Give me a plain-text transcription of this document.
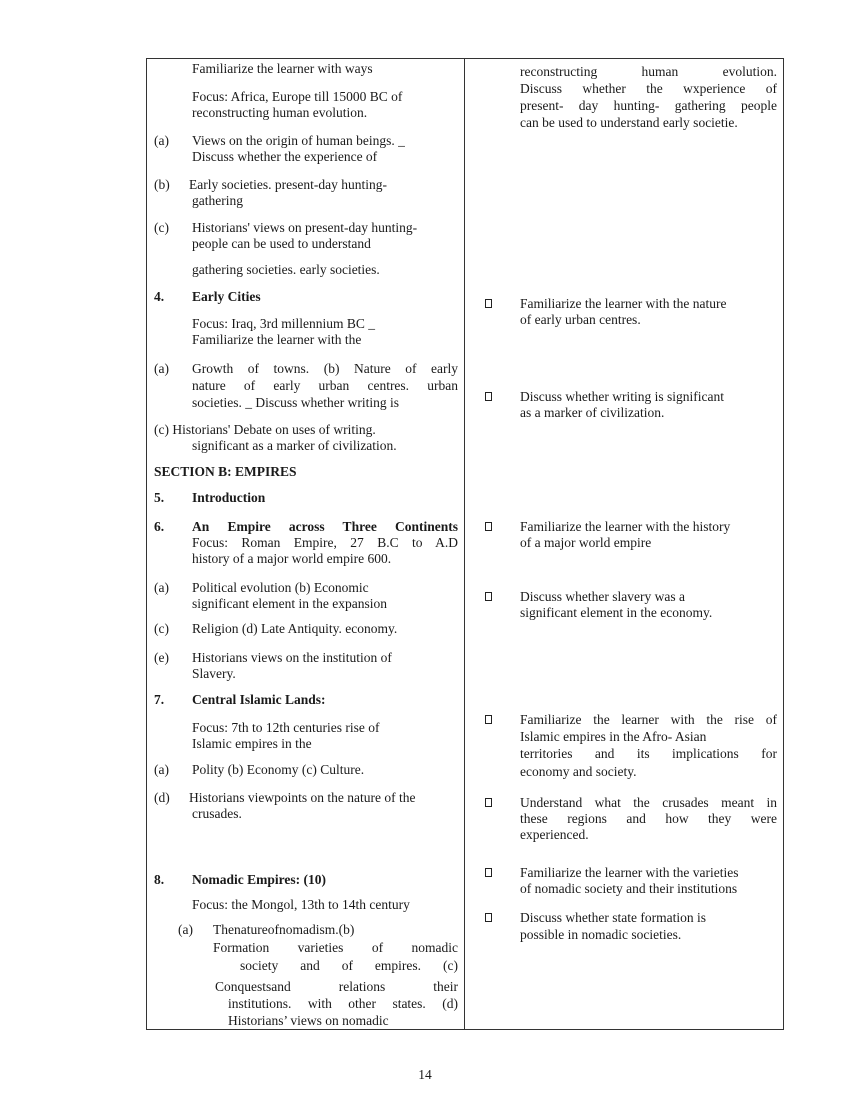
Familiarize the learner with ways
Focus: Africa, Europe till 15000 BC of
reconstructing human evolution.
(a) Views on the origin of human beings. _
Discuss whether the experience of
(b) Early societies. present-day hunting-
gathering
(c) Historians' views on present-day hunting-
people can be used to understand
gathering societies. early societies.
4. Early Cities
Focus: Iraq, 3rd millennium BC _
Familiarize the learner with the
(a) Growth of towns. (b) Nature of early
nature of early urban centres. urban
societies. _ Discuss whether writing is
(c) Historians' Debate on uses of writing.
significant as a marker of civilization.
SECTION B: EMPIRES
5. Introduction
6. An Empire across Three Continents
Focus: Roman Empire, 27 B.C to A.D
history of a major world empire 600.
(a) Political evolution (b) Economic
significant element in the expansion
(c) Religion (d) Late Antiquity. economy.
(e) Historians views on the institution of
Slavery.
7. Central Islamic Lands:
Focus: 7th to 12th centuries rise of
Islamic empires in the
(a) Polity (b) Economy (c) Culture.
(d) Historians viewpoints on the nature of the
crusades.
8. Nomadic Empires: (10)
Focus: the Mongol, 13th to 14th century
(a) Thenatureofnomadism.(b)
Formation varieties of nomadic
society and of empires. (c)
Conquestsand relations their
institutions. with other states. (d)
Historians’ views on nomadic
reconstructing human evolution.
Discuss whether the wxperience of
present- day hunting- gathering people
can be used to understand early societie.
Familiarize the learner with the nature
of early urban centres.
Discuss whether writing is significant
as a marker of civilization.
Familiarize the learner with the history
of a major world empire
Discuss whether slavery was a
significant element in the economy.
Familiarize the learner with the rise of
Islamic empires in the Afro- Asian
territories and its implications for
economy and society.
Understand what the crusades meant in
these regions and how they were
experienced.
Familiarize the learner with the varieties
of nomadic society and their institutions
Discuss whether state formation is
possible in nomadic societies.
14
